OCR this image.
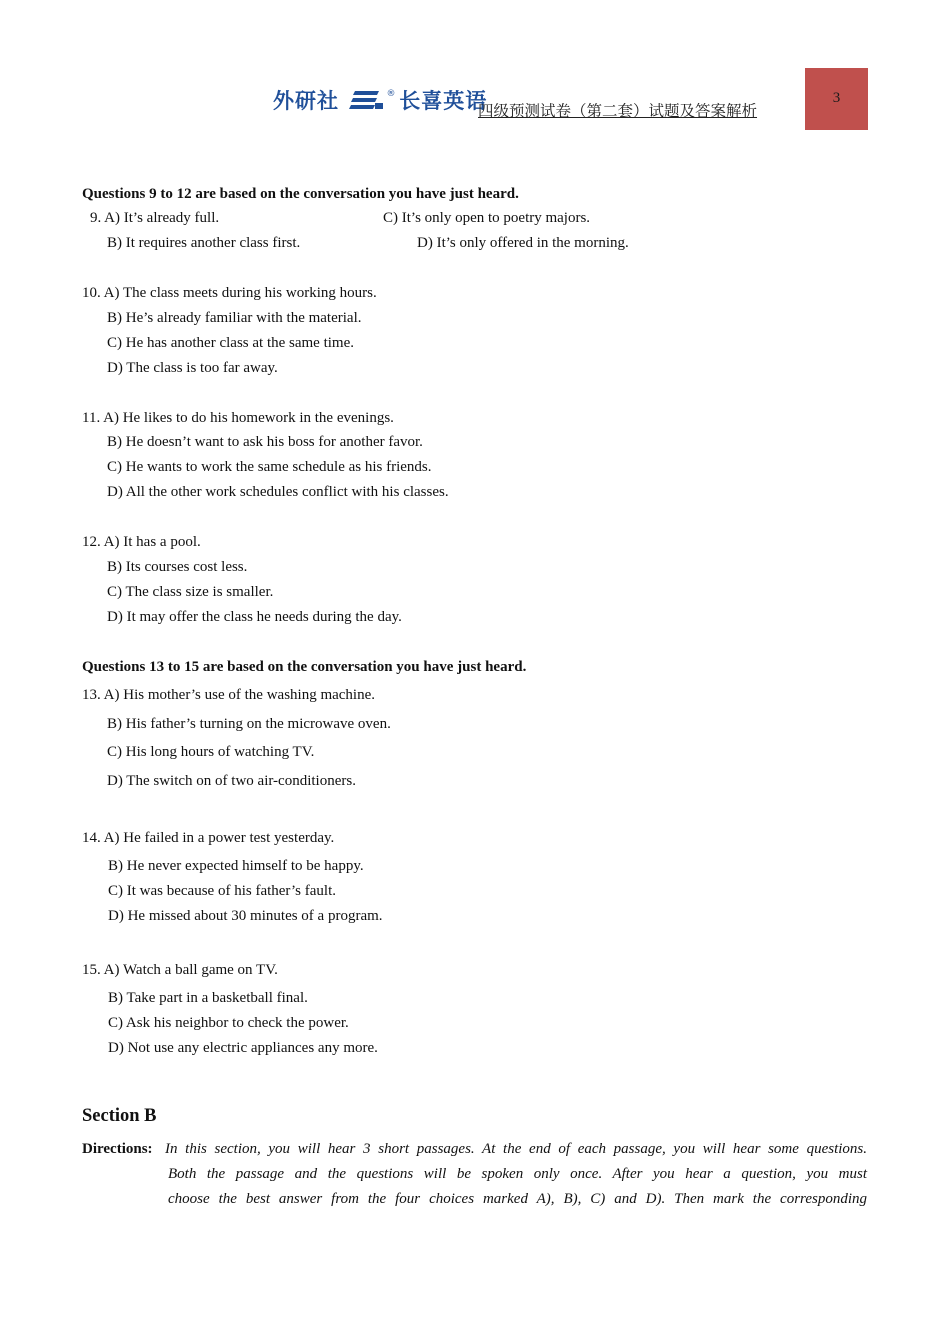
外研社	® 长喜英语
四级预测试卷（第二套）试题及答案解析
3
Questions 9 to 12 are based on the conversation you have just heard.
9. A) It’s already full.	C) It’s only open to poetry majors.
B) It requires another class first.	D) It’s only offered in the morning.
10. A) The class meets during his working hours.
B) He’s already familiar with the material.
C) He has another class at the same time.
D) The class is too far away.
11. A) He likes to do his homework in the evenings.
B) He doesn’t want to ask his boss for another favor.
C) He wants to work the same schedule as his friends.
D) All the other work schedules conflict with his classes.
12. A) It has a pool.
B) Its courses cost less.
C) The class size is smaller.
D) It may offer the class he needs during the day.
Questions 13 to 15 are based on the conversation you have just heard.
13. A) His mother’s use of the washing machine.
B) His father’s turning on the microwave oven.
C) His long hours of watching TV.
D) The switch on of two air-conditioners.
14. A) He failed in a power test yesterday.
B) He never expected himself to be happy.
C) It was because of his father’s fault.
D) He missed about 30 minutes of a program.
15. A) Watch a ball game on TV.
B) Take part in a basketball final.
C) Ask his neighbor to check the power.
D) Not use any electric appliances any more.
Section B
Directions: In this section, you will hear 3 short passages. At the end of each passage, you will hear some questions.
Both the passage and the questions will be spoken only once. After you hear a question, you must
choose the best answer from the four choices marked A), B), C) and D). Then mark the corresponding
